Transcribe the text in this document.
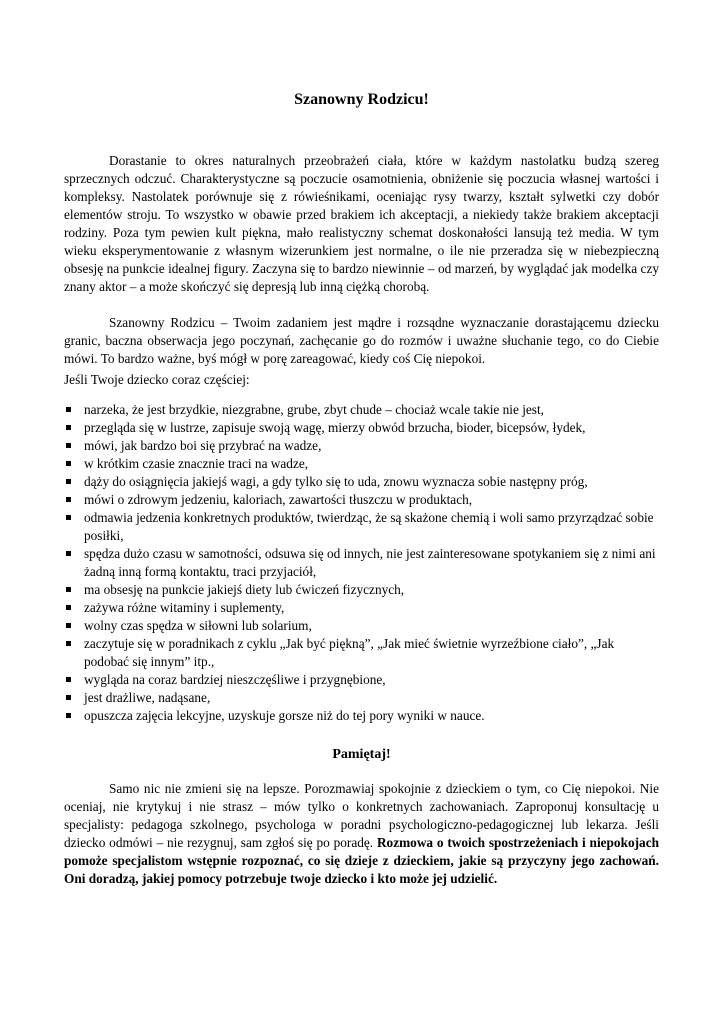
Szanowny Rodzicu!

Dorastanie to okres naturalnych przeobrażeń ciała, które w każdym nastolatku budzą szereg sprzecznych odczuć. Charakterystyczne są poczucie osamotnienia, obniżenie się poczucia własnej wartości i kompleksy. Nastolatek porównuje się z rówieśnikami, oceniając rysy twarzy, kształt sylwetki czy dobór elementów stroju. To wszystko w obawie przed brakiem ich akceptacji, a niekiedy także brakiem akceptacji rodziny. Poza tym pewien kult piękna, mało realistyczny schemat doskonałości lansują też media. W tym wieku eksperymentowanie z własnym wizerunkiem jest normalne, o ile nie przeradza się w niebezpieczną obsesję na punkcie idealnej figury. Zaczyna się to bardzo niewinnie – od marzeń, by wyglądać jak modelka czy znany aktor – a może skończyć się depresją lub inną ciężką chorobą.

Szanowny Rodzicu – Twoim zadaniem jest mądre i rozsądne wyznaczanie dorastającemu dziecku granic, baczna obserwacja jego poczynań, zachęcanie go do rozmów i uważne słuchanie tego, co do Ciebie mówi. To bardzo ważne, byś mógł w porę zareagować, kiedy coś Cię niepokoi.

Jeśli Twoje dziecko coraz częściej:

narzeka, że jest brzydkie, niezgrabne, grube, zbyt chude – chociaż wcale takie nie jest,
przegląda się w lustrze, zapisuje swoją wagę, mierzy obwód brzucha, bioder, bicepsów, łydek,
mówi, jak bardzo boi się przybrać na wadze,
w krótkim czasie znacznie traci na wadze,
dąży do osiągnięcia jakiejś wagi, a gdy tylko się to uda, znowu wyznacza sobie następny próg,
mówi o zdrowym jedzeniu, kaloriach, zawartości tłuszczu w produktach,
odmawia jedzenia konkretnych produktów, twierdząc, że są skażone chemią i woli samo przyrządzać sobie posiłki,
spędza dużo czasu w samotności, odsuwa się od innych, nie jest zainteresowane spotykaniem się z nimi ani żadną inną formą kontaktu, traci przyjaciół,
ma obsesję na punkcie jakiejś diety lub ćwiczeń fizycznych,
zażywa różne witaminy i suplementy,
wolny czas spędza w siłowni lub solarium,
zaczytuje się w poradnikach z cyklu „Jak być piękną”, „Jak mieć świetnie wyrzeźbione ciało”, „Jak podobać się innym” itp.,
wygląda na coraz bardziej nieszczęśliwe i przygnębione,
jest drażliwe, nadąsane,
opuszcza zajęcia lekcyjne, uzyskuje gorsze niż do tej pory wyniki w nauce.
Pamiętaj!

Samo nic nie zmieni się na lepsze. Porozmawiaj spokojnie z dzieckiem o tym, co Cię niepokoi. Nie oceniaj, nie krytykuj i nie strasz – mów tylko o konkretnych zachowaniach. Zaproponuj konsultację u specjalisty: pedagoga szkolnego, psychologa w poradni psychologiczno-pedagogicznej lub lekarza. Jeśli dziecko odmówi – nie rezygnuj, sam zgłoś się po poradę. Rozmowa o twoich spostrzeżeniach i niepokojach pomoże specjalistom wstępnie rozpoznać, co się dzieje z dzieckiem, jakie są przyczyny jego zachowań. Oni doradzą, jakiej pomocy potrzebuje twoje dziecko i kto może jej udzielić.
